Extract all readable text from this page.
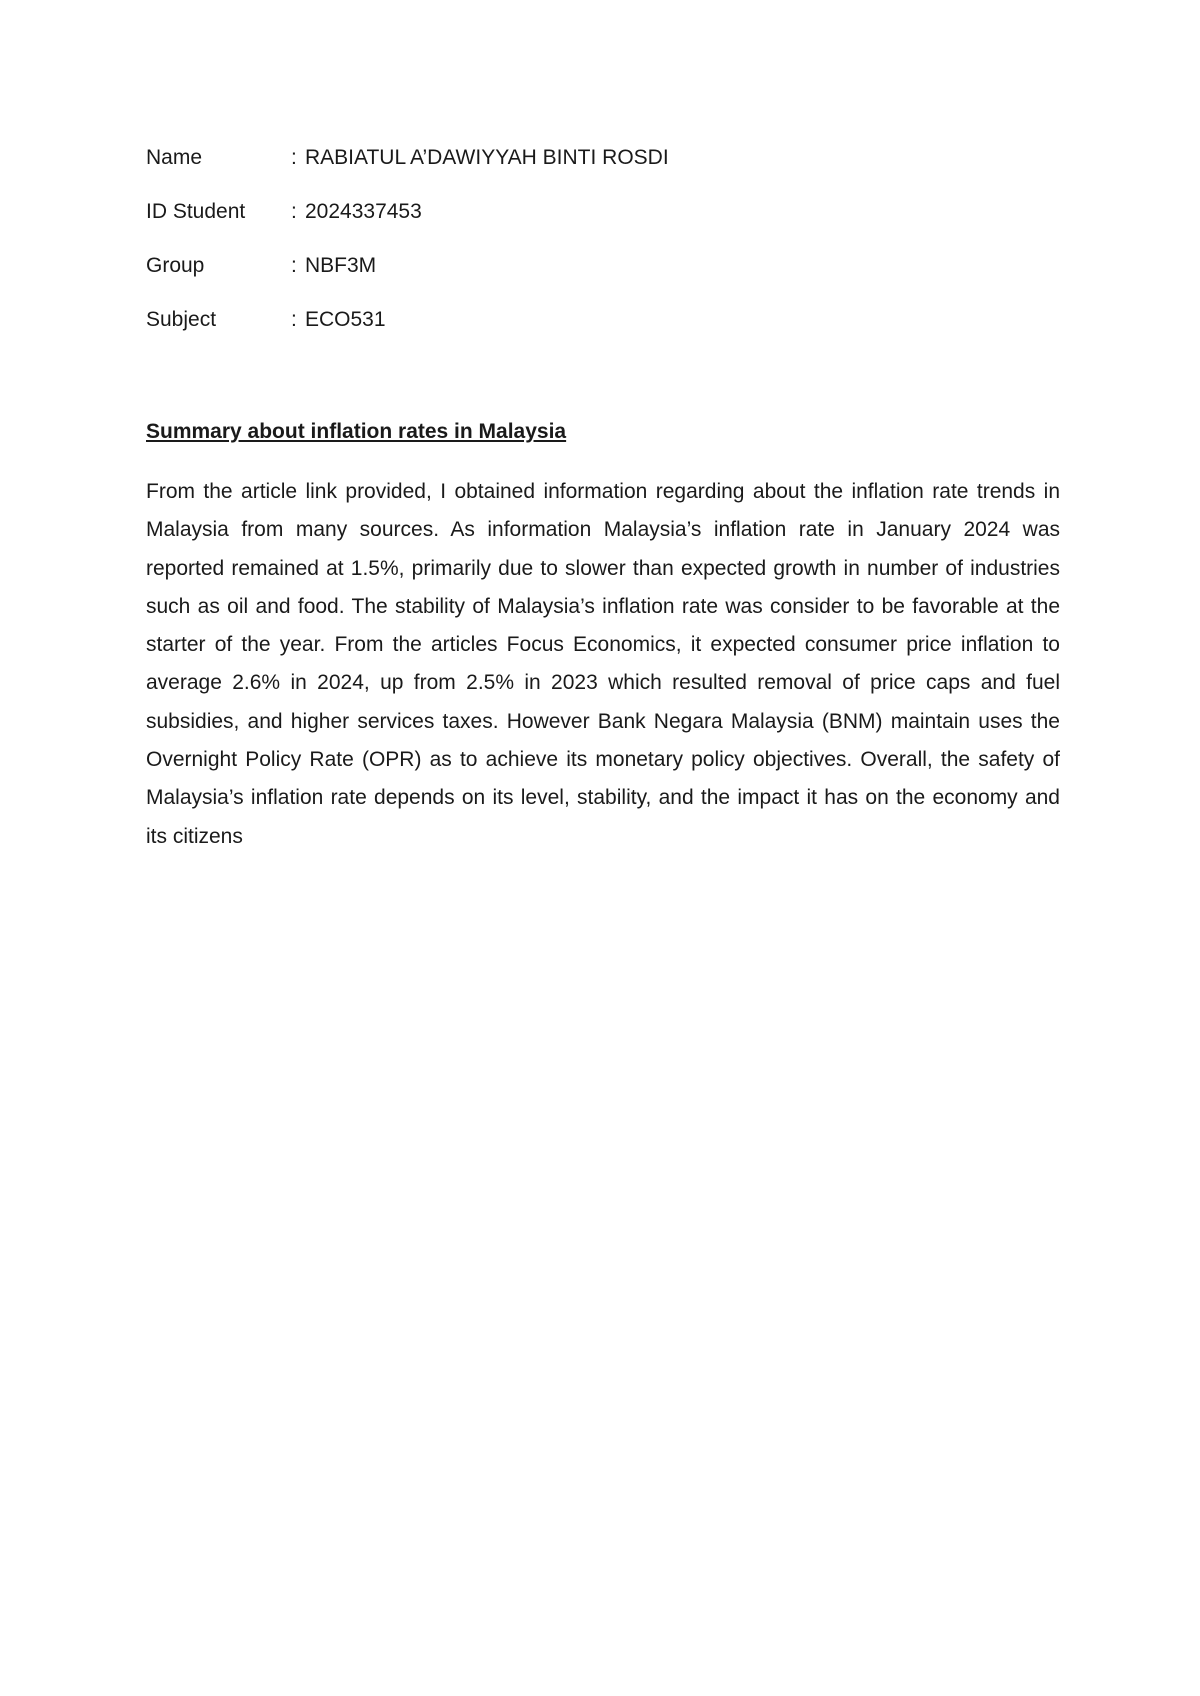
Name	: RABIATUL A’DAWIYYAH BINTI ROSDI
ID Student	: 2024337453
Group	: NBF3M
Subject	: ECO531
Summary about inflation rates in Malaysia

From the article link provided, I obtained information regarding about the inflation rate trends in Malaysia from many sources. As information Malaysia’s inflation rate in January 2024 was reported remained at 1.5%, primarily due to slower than expected growth in number of industries such as oil and food. The stability of Malaysia’s inflation rate was consider to be favorable at the starter of the year. From the articles Focus Economics, it expected consumer price inflation to average 2.6% in 2024, up from 2.5% in 2023 which resulted removal of price caps and fuel subsidies, and higher services taxes. However Bank Negara Malaysia (BNM) maintain uses the Overnight Policy Rate (OPR) as to achieve its monetary policy objectives. Overall, the safety of Malaysia’s inflation rate depends on its level, stability, and the impact it has on the economy and its citizens
